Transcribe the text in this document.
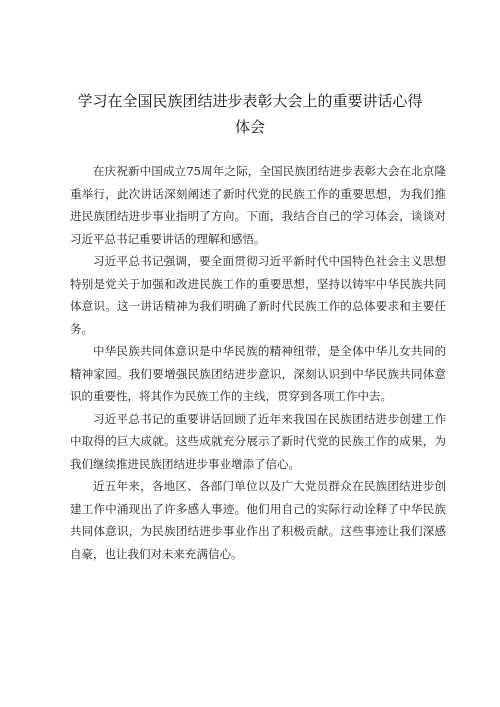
学习在全国民族团结进步表彰大会上的重要讲话心得体会

在庆祝新中国成立75周年之际，全国民族团结进步表彰大会在北京隆重举行，此次讲话深刻阐述了新时代党的民族工作的重要思想，为我们推进民族团结进步事业指明了方向。下面，我结合自己的学习体会，谈谈对习近平总书记重要讲话的理解和感悟。

习近平总书记强调，要全面贯彻习近平新时代中国特色社会主义思想特别是党关于加强和改进民族工作的重要思想，坚持以铸牢中华民族共同体意识。这一讲话精神为我们明确了新时代民族工作的总体要求和主要任务。

中华民族共同体意识是中华民族的精神纽带，是全体中华儿女共同的精神家园。我们要增强民族团结进步意识，深刻认识到中华民族共同体意识的重要性，将其作为民族工作的主线，贯穿到各项工作中去。

习近平总书记的重要讲话回顾了近年来我国在民族团结进步创建工作中取得的巨大成就。这些成就充分展示了新时代党的民族工作的成果，为我们继续推进民族团结进步事业增添了信心。

近五年来，各地区、各部门单位以及广大党员群众在民族团结进步创建工作中涌现出了许多感人事迹。他们用自己的实际行动诠释了中华民族共同体意识，为民族团结进步事业作出了积极贡献。这些事迹让我们深感自豪，也让我们对未来充满信心。
